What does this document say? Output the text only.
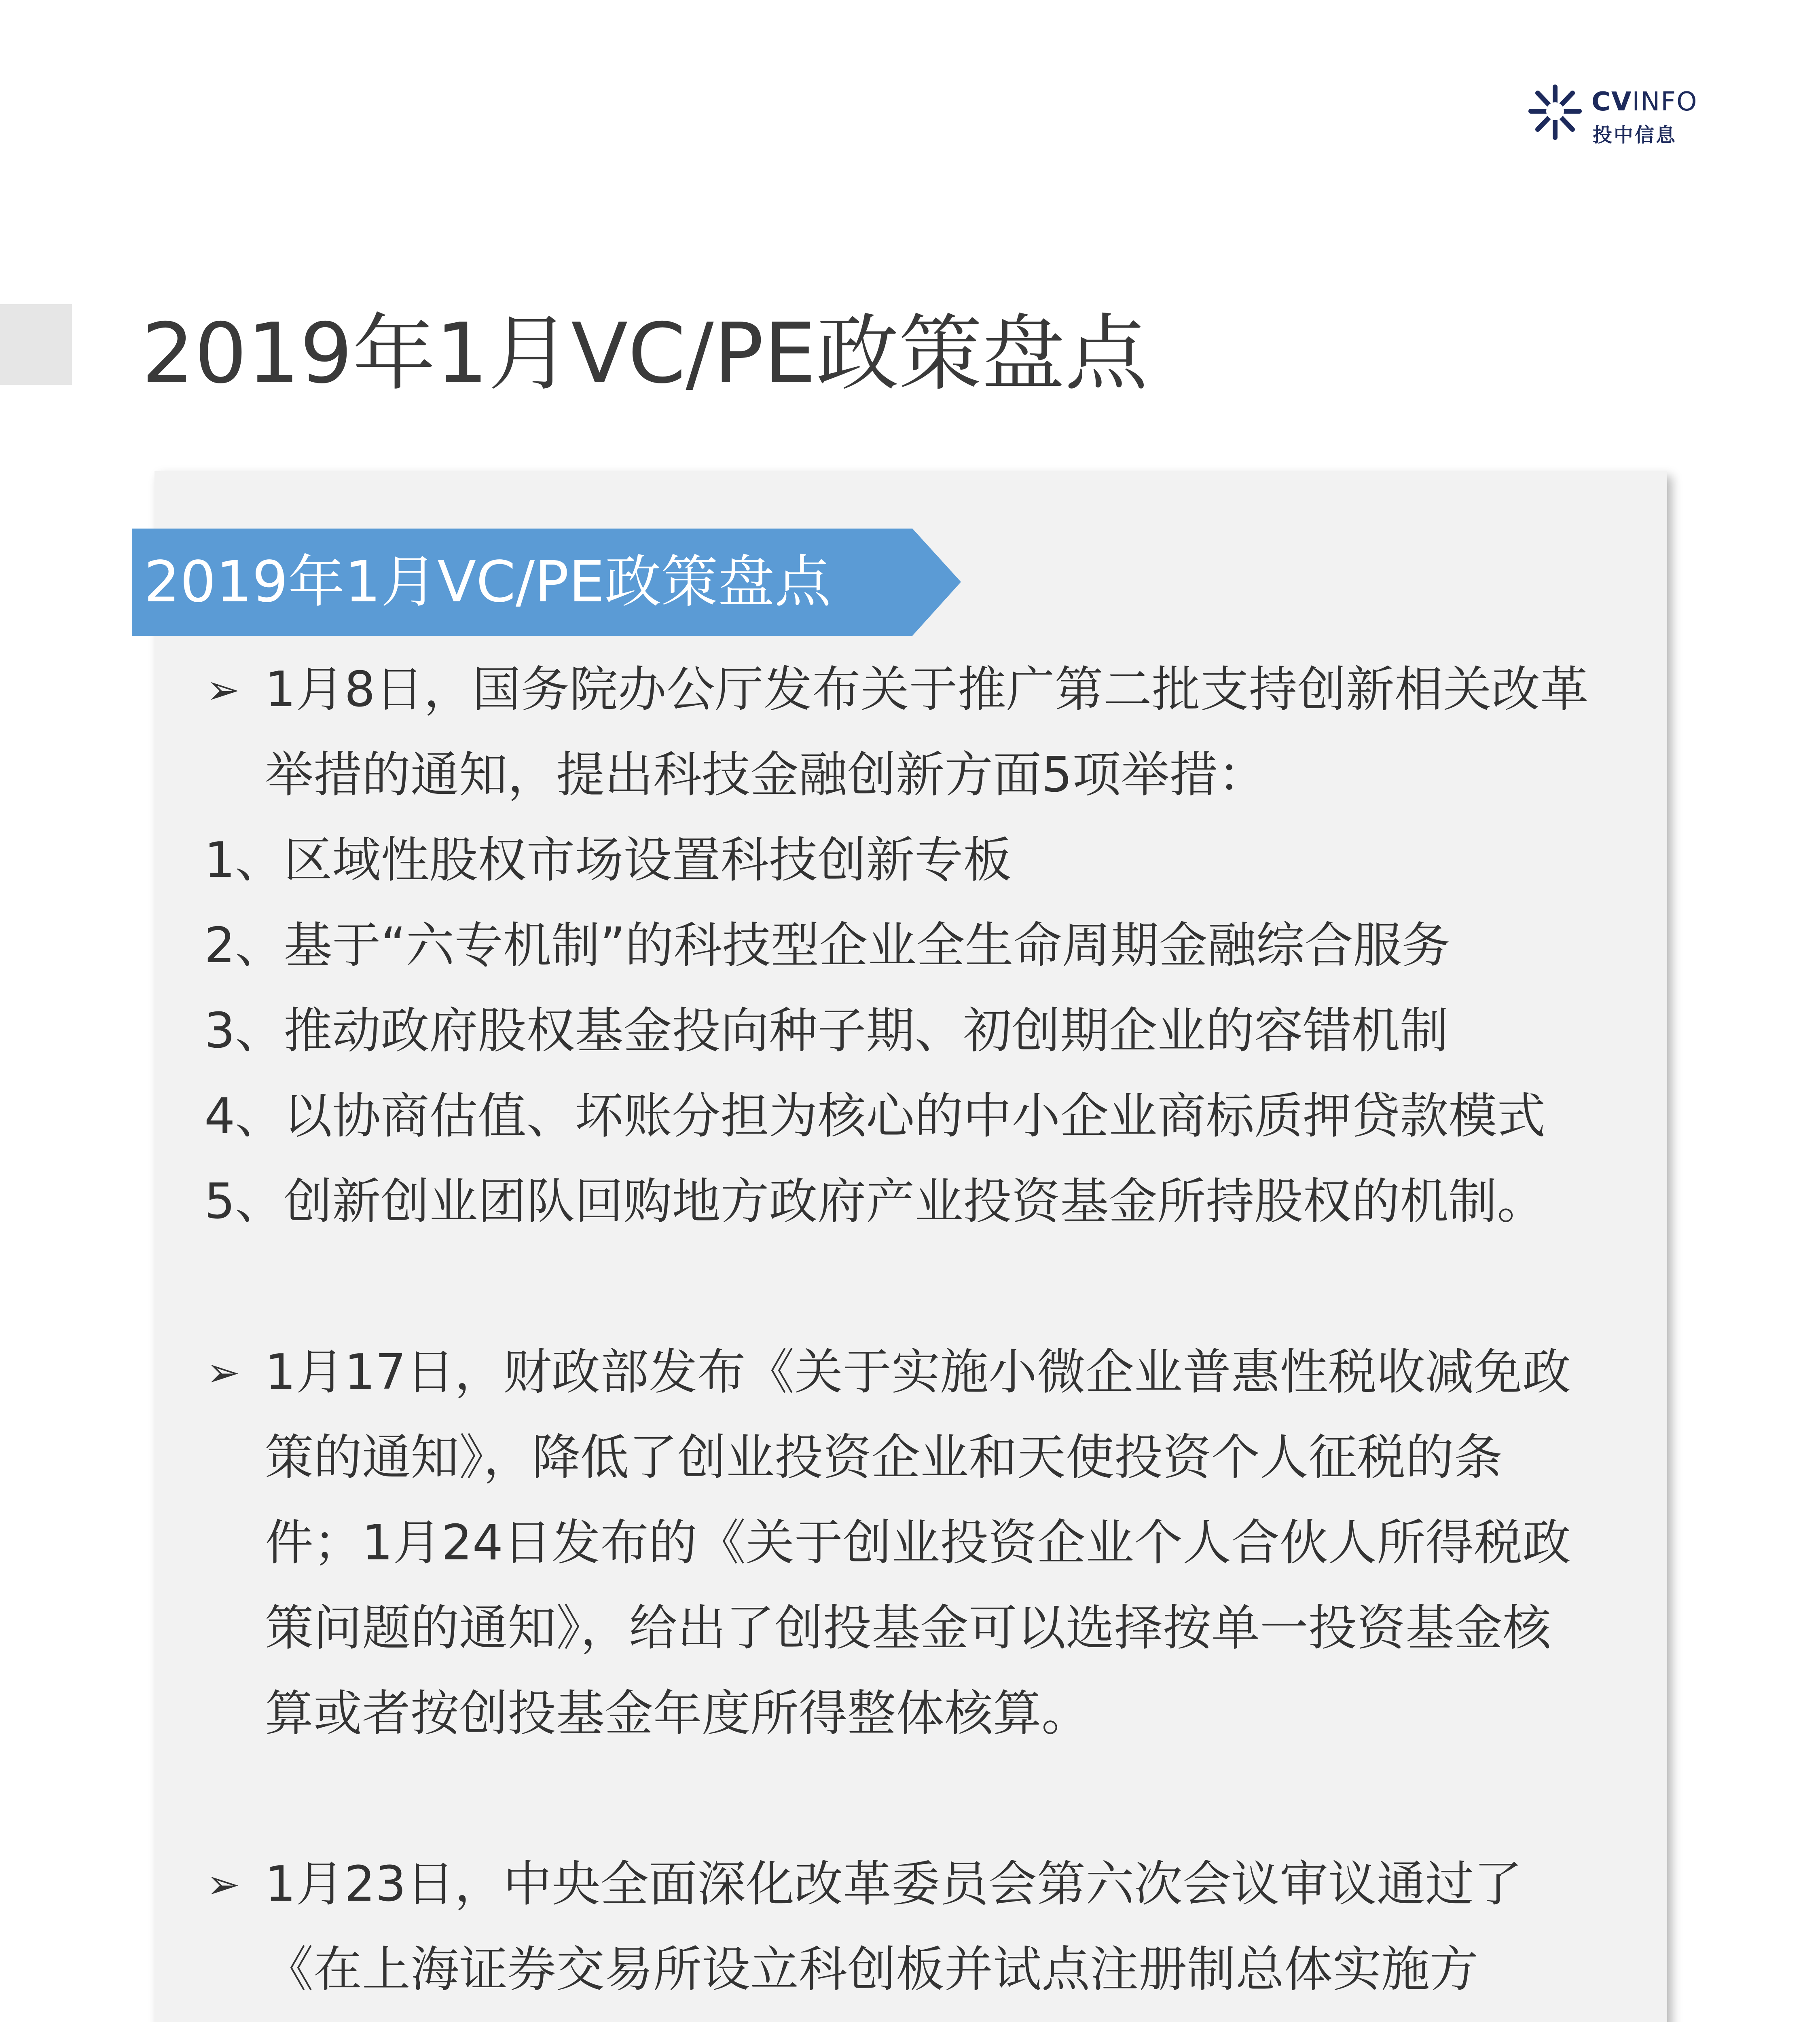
CVINFO
投中信息
2019年1月VC/PE政策盘点
2019年1月VC/PE政策盘点

➢ 1月8日，国务院办公厅发布关于推广第二批支持创新相关改革举措的通知，提出科技金融创新方面5项举措：

1、区域性股权市场设置科技创新专板
2、基于“六专机制”的科技型企业全生命周期金融综合服务
3、推动政府股权基金投向种子期、初创期企业的容错机制
4、以协商估值、坏账分担为核心的中小企业商标质押贷款模式
5、创新创业团队回购地方政府产业投资基金所持股权的机制。

➢ 1月17日，财政部发布《关于实施小微企业普惠性税收减免政策的通知》，降低了创业投资企业和天使投资个人征税的条件；1月24日发布的《关于创业投资企业个人合伙人所得税政策问题的通知》，给出了创投基金可以选择按单一投资基金核算或者按创投基金年度所得整体核算。

➢ 1月23日，中央全面深化改革委员会第六次会议审议通过了《在上海证券交易所设立科创板并试点注册制总体实施方
